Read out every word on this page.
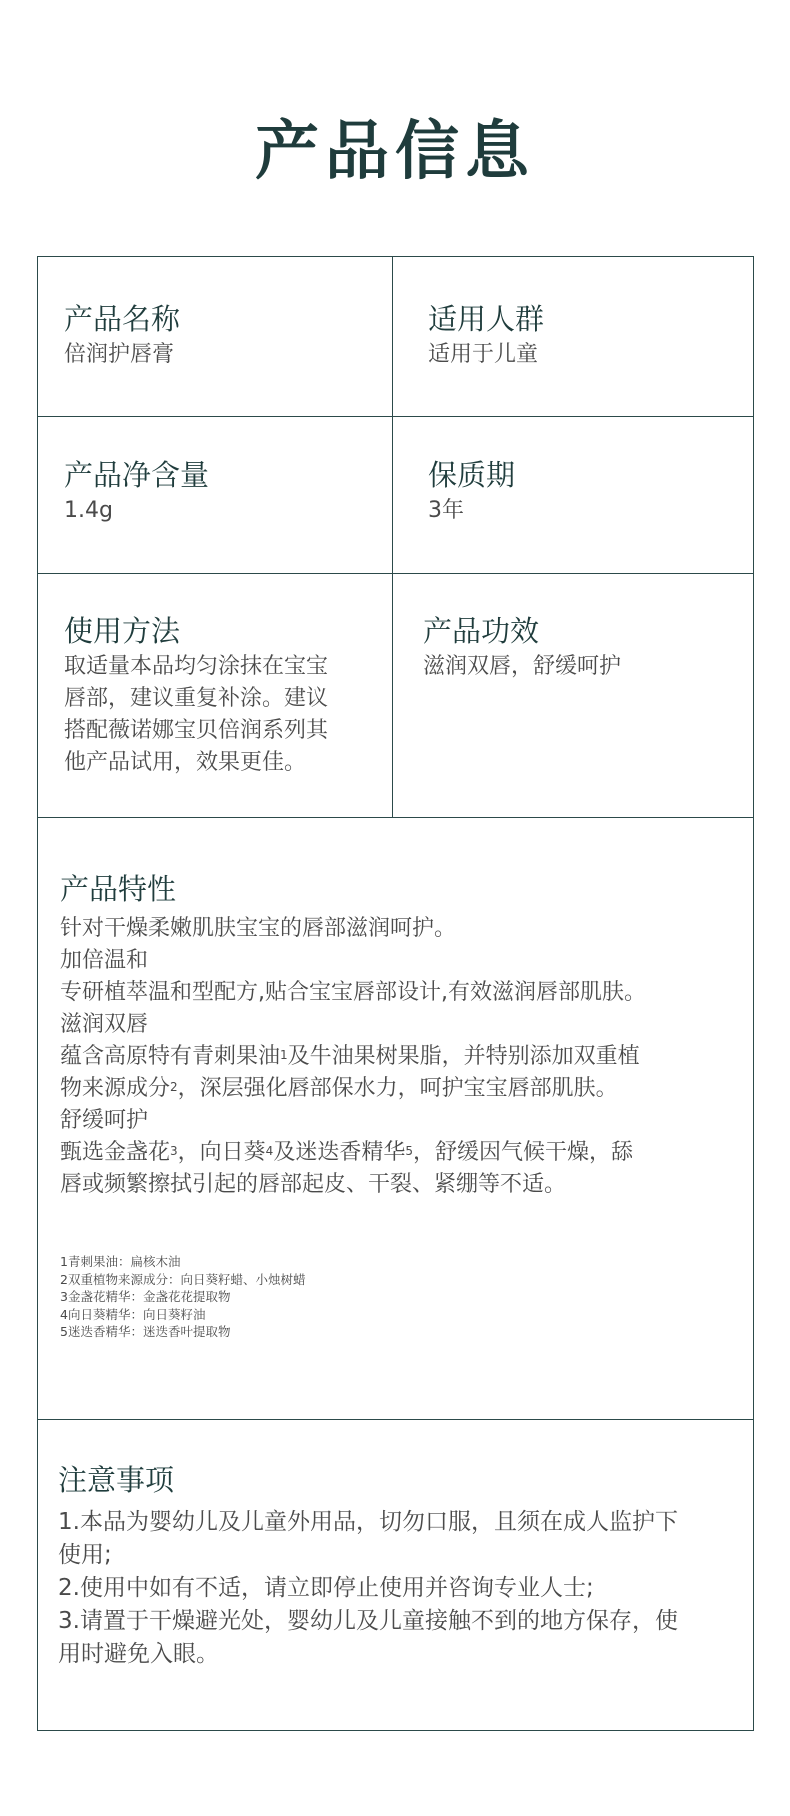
产品信息
产品名称
倍润护唇膏
适用人群
适用于儿童
产品净含量
1.4g
保质期
3年
使用方法
取适量本品均匀涂抹在宝宝
唇部，建议重复补涂。建议
搭配薇诺娜宝贝倍润系列其
他产品试用，效果更佳。
产品功效
滋润双唇，舒缓呵护
产品特性
针对干燥柔嫩肌肤宝宝的唇部滋润呵护。
加倍温和
专研植萃温和型配方,贴合宝宝唇部设计,有效滋润唇部肌肤。
滋润双唇
蕴含高原特有青刺果油$^1$及牛油果树果脂，并特别添加双重植
物来源成分$^2$，深层强化唇部保水力，呵护宝宝唇部肌肤。
舒缓呵护
甄选金盏花$^3$，向日葵$^4$及迷迭香精华$^5$，舒缓因气候干燥，舔
唇或频繁擦拭引起的唇部起皮、干裂、紧绷等不适。
1青刺果油：扁核木油
2双重植物来源成分：向日葵籽蜡、小烛树蜡
3金盏花精华：金盏花花提取物
4向日葵精华：向日葵籽油
5迷迭香精华：迷迭香叶提取物
注意事项
1.本品为婴幼儿及儿童外用品，切勿口服，且须在成人监护下
使用;
2.使用中如有不适，请立即停止使用并咨询专业人士;
3.请置于干燥避光处，婴幼儿及儿童接触不到的地方保存，使
用时避免入眼。
